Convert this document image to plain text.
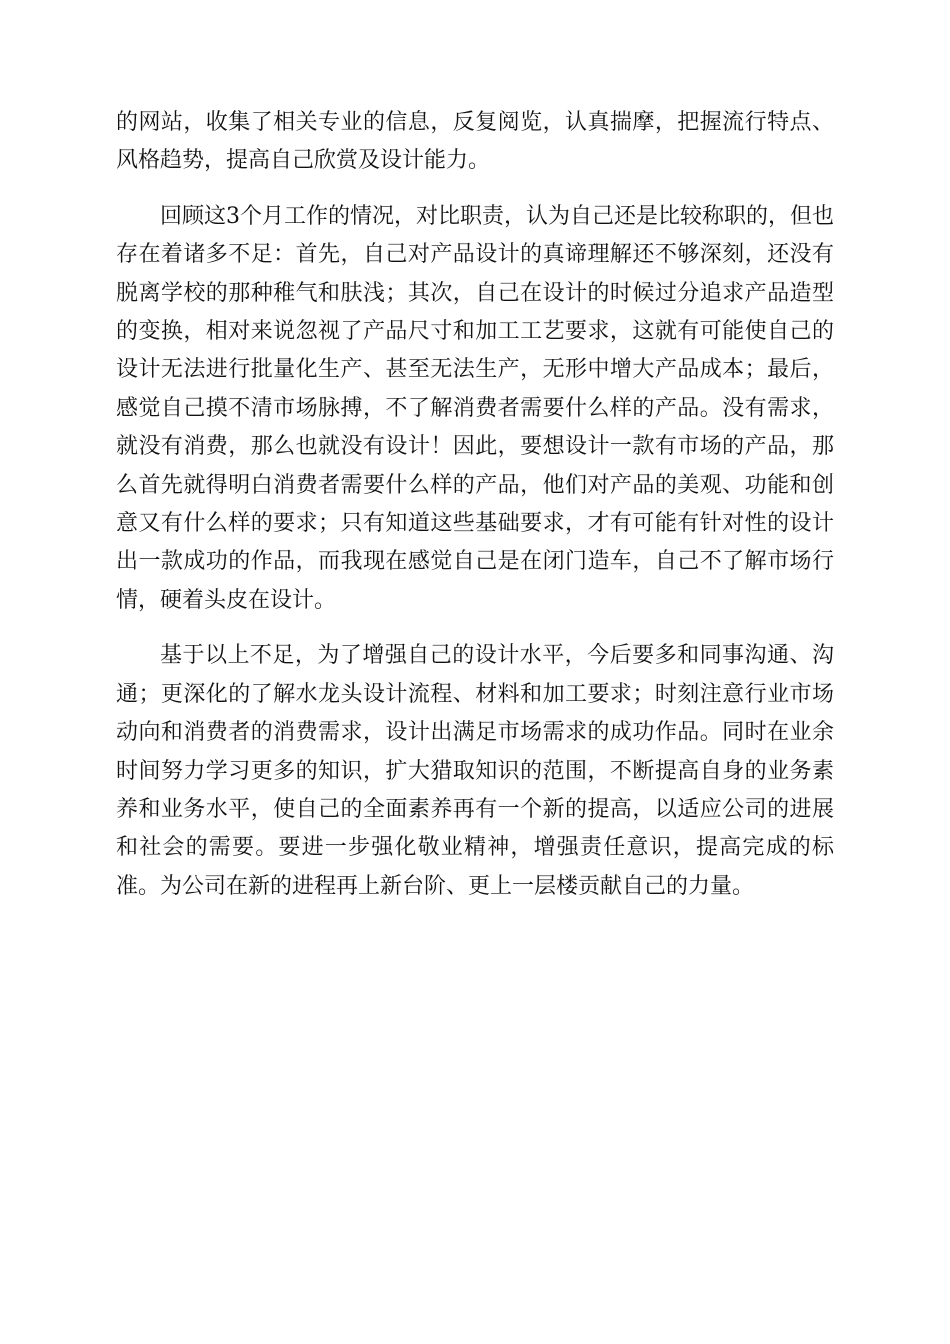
的网站，收集了相关专业的信息，反复阅览，认真揣摩，把握流行特点、风格趋势，提高自己欣赏及设计能力。

回顾这3个月工作的情况，对比职责，认为自己还是比较称职的，但也存在着诸多不足：首先，自己对产品设计的真谛理解还不够深刻，还没有脱离学校的那种稚气和肤浅；其次，自己在设计的时候过分追求产品造型的变换，相对来说忽视了产品尺寸和加工工艺要求，这就有可能使自己的设计无法进行批量化生产、甚至无法生产，无形中增大产品成本；最后，感觉自己摸不清市场脉搏，不了解消费者需要什么样的产品。没有需求，就没有消费，那么也就没有设计！因此，要想设计一款有市场的产品，那么首先就得明白消费者需要什么样的产品，他们对产品的美观、功能和创意又有什么样的要求；只有知道这些基础要求，才有可能有针对性的设计出一款成功的作品，而我现在感觉自己是在闭门造车，自己不了解市场行情，硬着头皮在设计。

基于以上不足，为了增强自己的设计水平，今后要多和同事沟通、沟通；更深化的了解水龙头设计流程、材料和加工要求；时刻注意行业市场动向和消费者的消费需求，设计出满足市场需求的成功作品。同时在业余时间努力学习更多的知识，扩大猎取知识的范围，不断提高自身的业务素养和业务水平，使自己的全面素养再有一个新的提高，以适应公司的进展和社会的需要。要进一步强化敬业精神，增强责任意识，提高完成的标准。为公司在新的进程再上新台阶、更上一层楼贡献自己的力量。
